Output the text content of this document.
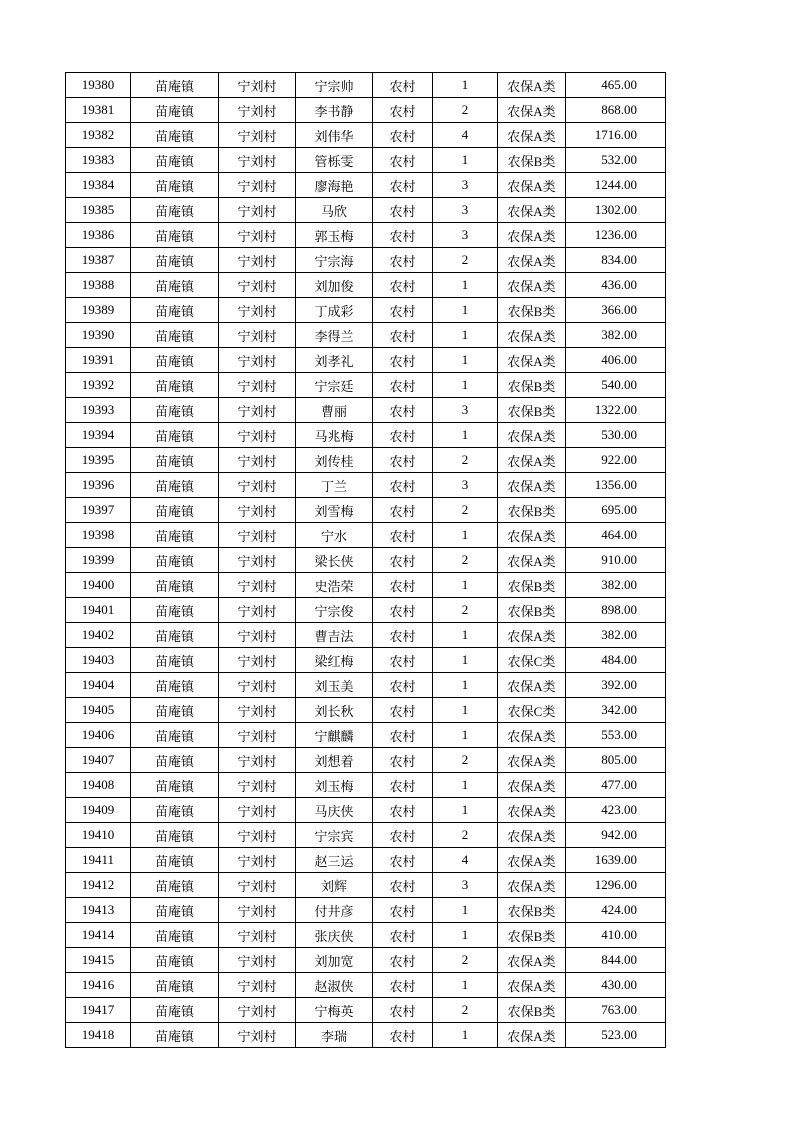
19380	苗庵镇	宁刘村	宁宗帅	农村	1	农保A类	465.00
19381	苗庵镇	宁刘村	李书静	农村	2	农保A类	868.00
19382	苗庵镇	宁刘村	刘伟华	农村	4	农保A类	1716.00
19383	苗庵镇	宁刘村	管栎雯	农村	1	农保B类	532.00
19384	苗庵镇	宁刘村	廖海艳	农村	3	农保A类	1244.00
19385	苗庵镇	宁刘村	马欣	农村	3	农保A类	1302.00
19386	苗庵镇	宁刘村	郭玉梅	农村	3	农保A类	1236.00
19387	苗庵镇	宁刘村	宁宗海	农村	2	农保A类	834.00
19388	苗庵镇	宁刘村	刘加俊	农村	1	农保A类	436.00
19389	苗庵镇	宁刘村	丁成彩	农村	1	农保B类	366.00
19390	苗庵镇	宁刘村	李得兰	农村	1	农保A类	382.00
19391	苗庵镇	宁刘村	刘孝礼	农村	1	农保A类	406.00
19392	苗庵镇	宁刘村	宁宗廷	农村	1	农保B类	540.00
19393	苗庵镇	宁刘村	曹丽	农村	3	农保B类	1322.00
19394	苗庵镇	宁刘村	马兆梅	农村	1	农保A类	530.00
19395	苗庵镇	宁刘村	刘传桂	农村	2	农保A类	922.00
19396	苗庵镇	宁刘村	丁兰	农村	3	农保A类	1356.00
19397	苗庵镇	宁刘村	刘雪梅	农村	2	农保B类	695.00
19398	苗庵镇	宁刘村	宁水	农村	1	农保A类	464.00
19399	苗庵镇	宁刘村	梁长侠	农村	2	农保A类	910.00
19400	苗庵镇	宁刘村	史浩荣	农村	1	农保B类	382.00
19401	苗庵镇	宁刘村	宁宗俊	农村	2	农保B类	898.00
19402	苗庵镇	宁刘村	曹吉法	农村	1	农保A类	382.00
19403	苗庵镇	宁刘村	梁红梅	农村	1	农保C类	484.00
19404	苗庵镇	宁刘村	刘玉美	农村	1	农保A类	392.00
19405	苗庵镇	宁刘村	刘长秋	农村	1	农保C类	342.00
19406	苗庵镇	宁刘村	宁麒麟	农村	1	农保A类	553.00
19407	苗庵镇	宁刘村	刘想着	农村	2	农保A类	805.00
19408	苗庵镇	宁刘村	刘玉梅	农村	1	农保A类	477.00
19409	苗庵镇	宁刘村	马庆侠	农村	1	农保A类	423.00
19410	苗庵镇	宁刘村	宁宗宾	农村	2	农保A类	942.00
19411	苗庵镇	宁刘村	赵三运	农村	4	农保A类	1639.00
19412	苗庵镇	宁刘村	刘辉	农村	3	农保A类	1296.00
19413	苗庵镇	宁刘村	付井彦	农村	1	农保B类	424.00
19414	苗庵镇	宁刘村	张庆侠	农村	1	农保B类	410.00
19415	苗庵镇	宁刘村	刘加宽	农村	2	农保A类	844.00
19416	苗庵镇	宁刘村	赵淑侠	农村	1	农保A类	430.00
19417	苗庵镇	宁刘村	宁梅英	农村	2	农保B类	763.00
19418	苗庵镇	宁刘村	李瑞	农村	1	农保A类	523.00
